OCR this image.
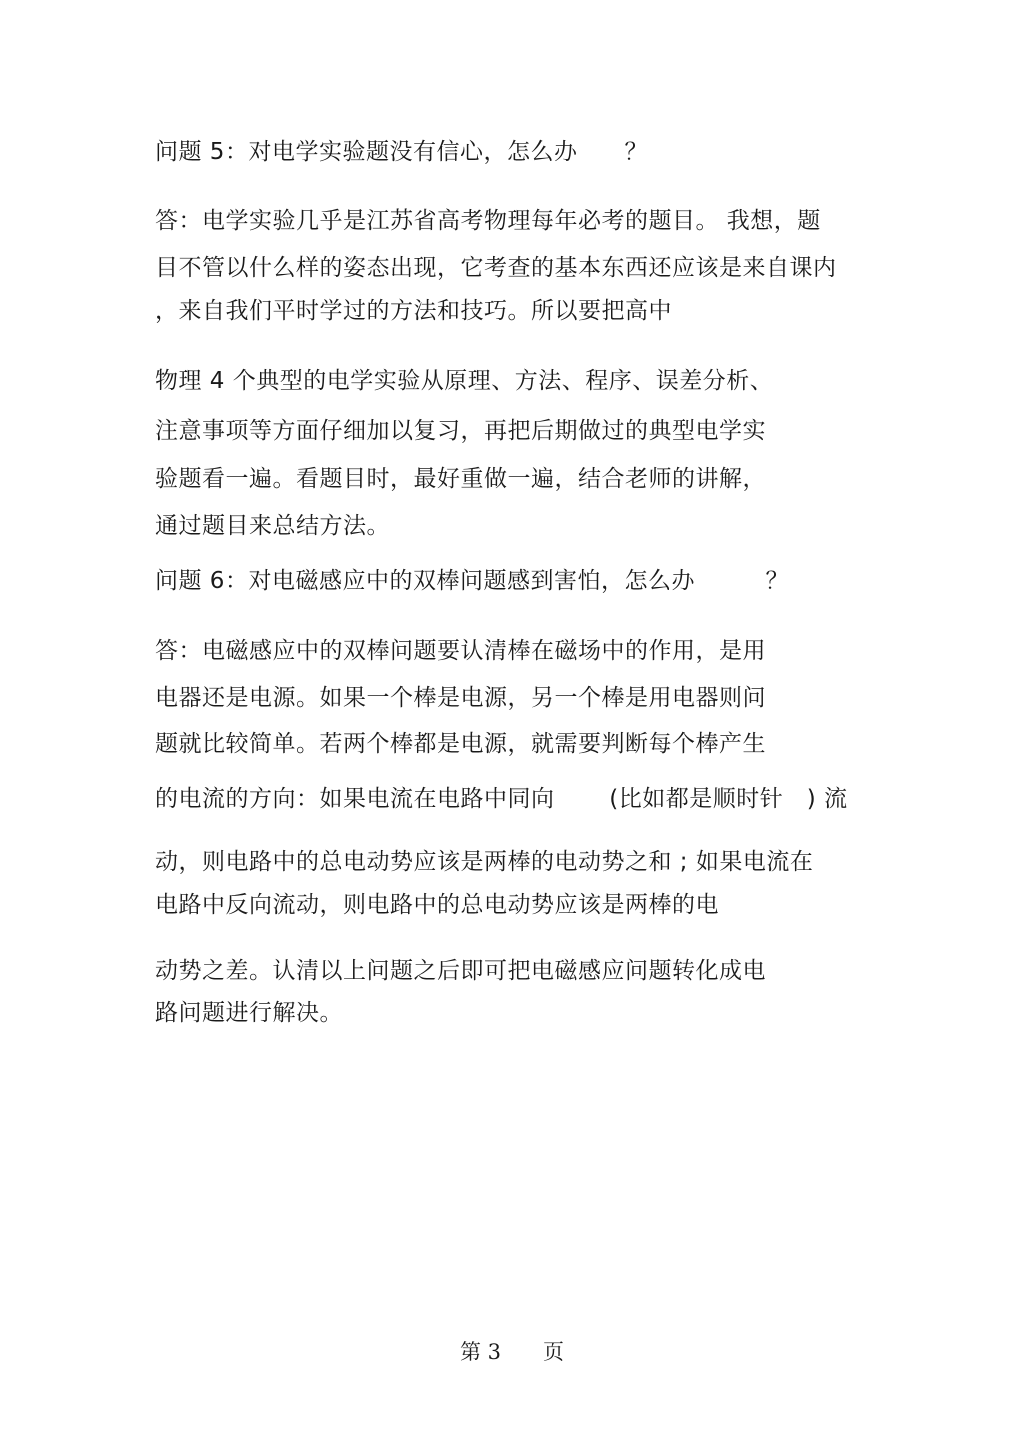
问题 5：对电学实验题没有信心，怎么办　　？
答：电学实验几乎是江苏省高考物理每年必考的题目。 我想，题
目不管以什么样的姿态出现，它考查的基本东西还应该是来自课内
，来自我们平时学过的方法和技巧。所以要把高中
物理 4 个典型的电学实验从原理、方法、程序、误差分析、
注意事项等方面仔细加以复习，再把后期做过的典型电学实
验题看一遍。看题目时，最好重做一遍，结合老师的讲解，
通过题目来总结方法。
问题 6：对电磁感应中的双棒问题感到害怕，怎么办　　　？
答：电磁感应中的双棒问题要认清棒在磁场中的作用，是用
电器还是电源。如果一个棒是电源，另一个棒是用电器则问
题就比较简单。若两个棒都是电源，就需要判断每个棒产生
的电流的方向：如果电流在电路中同向　　 (比如都是顺时针　) 流
动，则电路中的总电动势应该是两棒的电动势之和 ; 如果电流在
电路中反向流动，则电路中的总电动势应该是两棒的电
动势之差。认清以上问题之后即可把电磁感应问题转化成电
路问题进行解决。
第 3　　页
